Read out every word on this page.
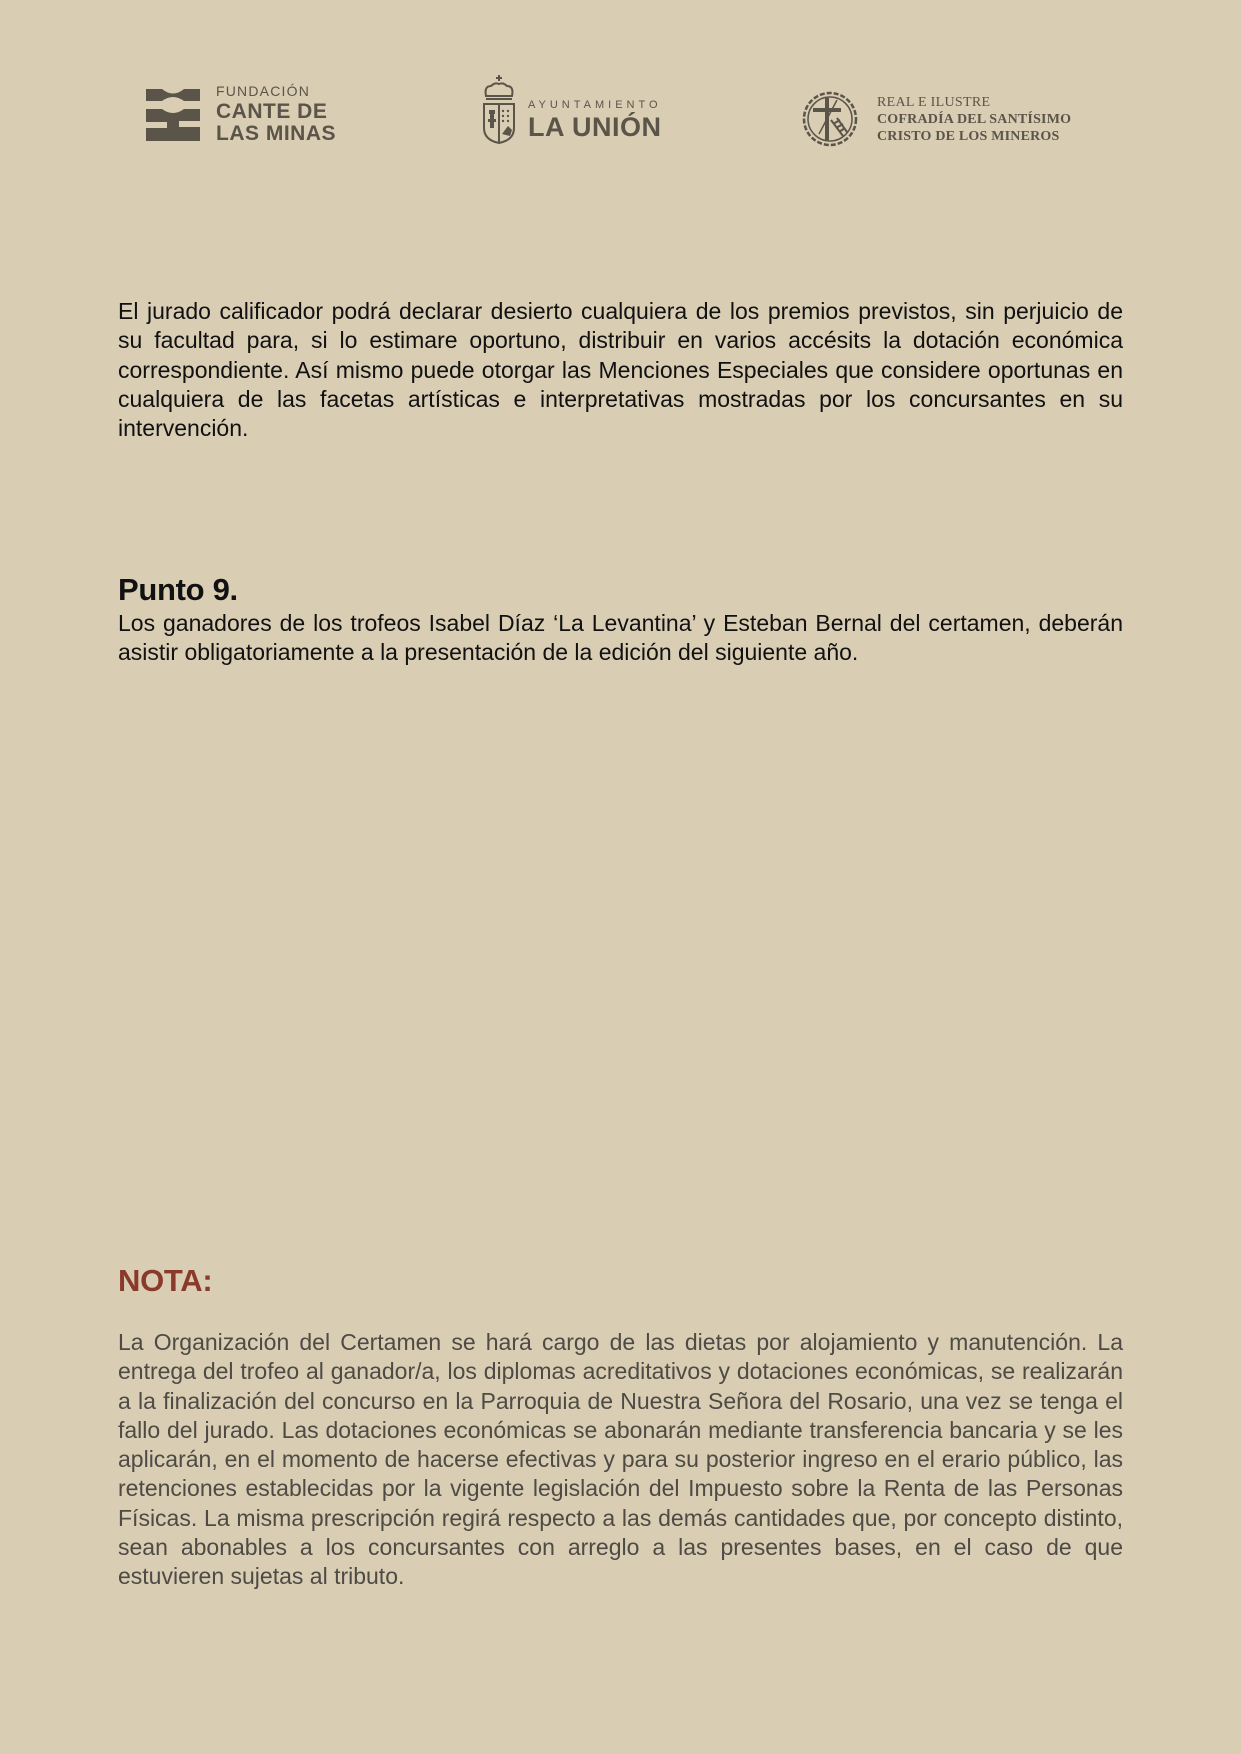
FUNDACIÓN
CANTE DE
LAS MINAS
AYUNTAMIENTO
LA UNIÓN
REAL E ILUSTRE
COFRADÍA DEL SANTÍSIMO
CRISTO DE LOS MINEROS

El jurado calificador podrá declarar desierto cualquiera de los premios previstos, sin perjuicio de su facultad para, si lo estimare oportuno, distribuir en varios accésits la dotación económica correspondiente. Así mismo puede otorgar las Menciones Especiales que considere oportunas en cualquiera de las facetas artísticas e interpretativas mostradas por los concursantes en su intervención.

Punto 9.

Los ganadores de los trofeos Isabel Díaz ‘La Levantina’ y Esteban Bernal del certamen, deberán asistir obligatoriamente a la presentación de la edición del siguiente año.

NOTA:

La Organización del Certamen se hará cargo de las dietas por alojamiento y manutención. La entrega del trofeo al ganador/a, los diplomas acreditativos y dotaciones económicas, se realizarán a la finalización del concurso en la Parroquia de Nuestra Señora del Rosario, una vez se tenga el fallo del jurado. Las dotaciones económicas se abonarán mediante transferencia bancaria y se les aplicarán, en el momento de hacerse efectivas y para su posterior ingreso en el erario público, las retenciones establecidas por la vigente legislación del Impuesto sobre la Renta de las Personas Físicas. La misma prescripción regirá respecto a las demás cantidades que, por concepto distinto, sean abonables a los concursantes con arreglo a las presentes bases, en el caso de que estuvieren sujetas al tributo.
